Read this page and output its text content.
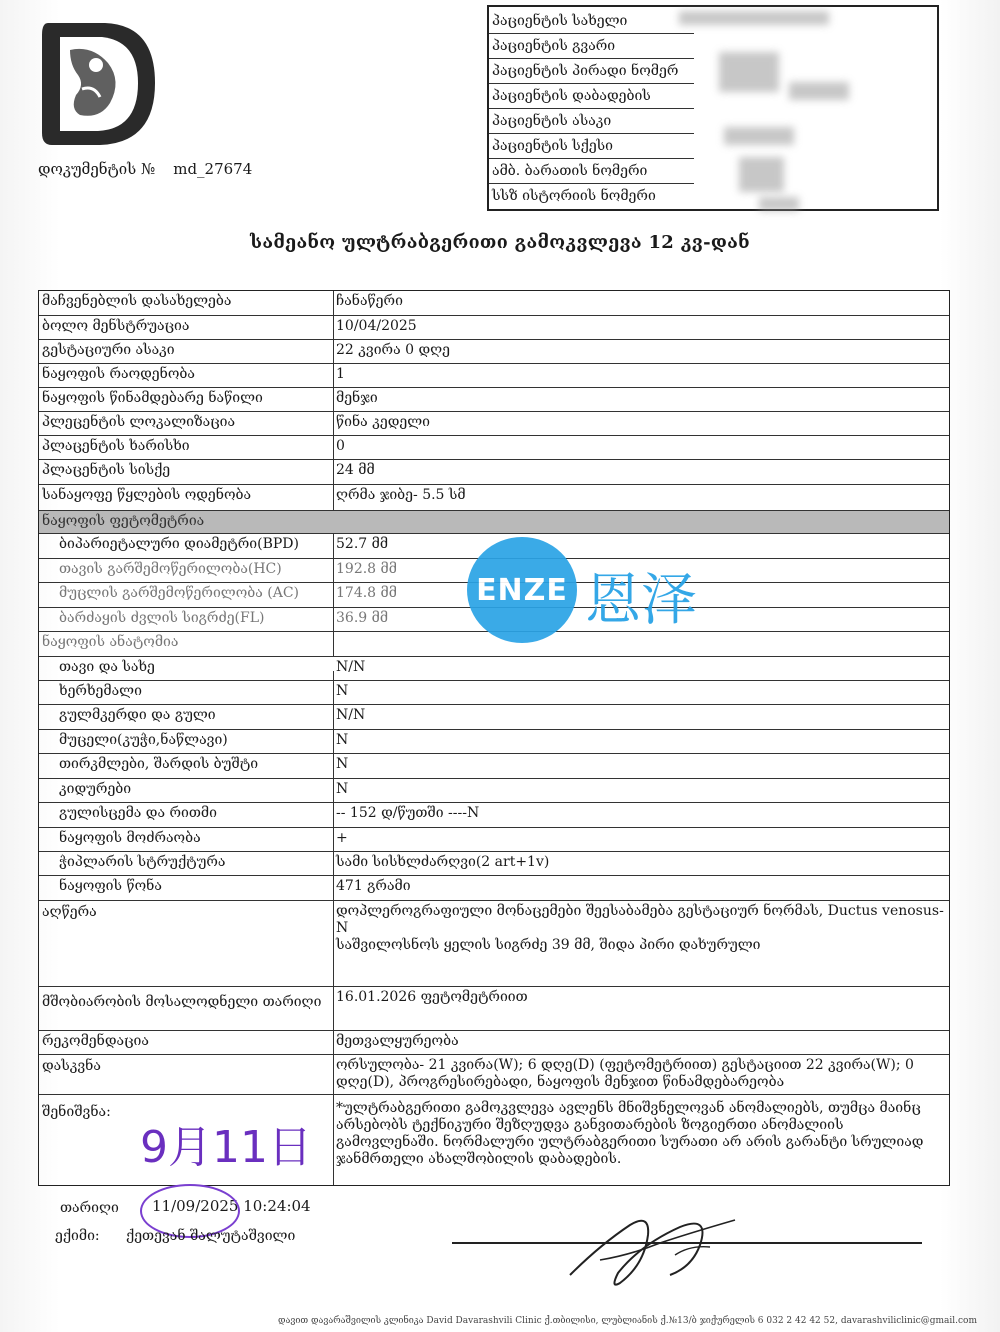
დოკუმენტის № md_27674
პაციენტის სახელი
პაციენტის გვარი
პაციენტის პირადი ნომერ
პაციენტის დაბადების
პაციენტის ასაკი
პაციენტის სქესი
ამბ. ბარათის ნომერი
სსზ ისტორიის ნომერი
სამეანო ულტრაბგერითი გამოკვლევა 12 კვ-დან
მაჩვენებლის დასახელება	ჩანაწერი
ბოლო მენსტრუაცია	10/04/2025
გესტაციური ასაკი	22 კვირა 0 დღე
ნაყოფის რაოდენობა	1
ნაყოფის წინამდებარე ნაწილი	მენჯი
პლეცენტის ლოკალიზაცია	წინა კედელი
პლაცენტის ხარისხი	0
პლაცენტის სისქე	24 მმ
სანაყოფე წყლების ოდენობა	ღრმა ჯიბე- 5.5 სმ
ნაყოფის ფეტომეტრია
ბიპარიეტალური დიამეტრი(BPD)	52.7 მმ
თავის გარშემოწერილობა(HC)	192.8 მმ
მუცლის გარშემოწერილობა (AC)	174.8 მმ
ბარძაყის ძვლის სიგრძე(FL)	36.9 მმ
ნაყოფის ანატომია
თავი და სახე	N/N
ხერხემალი	N
გულმკერდი და გული	N/N
მუცელი(კუჭი,ნაწლავი)	N
თირკმლები, შარდის ბუშტი	N
კიდურები	N
გულისცემა და რითმი	-- 152 დ/წუთში ----N
ნაყოფის მოძრაობა	+
ჭიპლარის სტრუქტურა	სამი სისხლძარღვი(2 art+1v)
ნაყოფის წონა	471 გრამი
აღწერა	დოპლეროგრაფიული მონაცემები შეესაბამება გესტაციურ ნორმას, Ductus venosus-N
საშვილოსნოს ყელის სიგრძე 39 მმ, შიდა პირი დახურული
მშობიარობის მოსალოდნელი თარიღი	16.01.2026 ფეტომეტრიით
რეკომენდაცია	მეთვალყურეობა
დასკვნა	ორსულობა- 21 კვირა(W); 6 დღე(D) (ფეტომეტრიით) გესტაციით 22 კვირა(W); 0 დღე(D), პროგრესირებადი, ნაყოფის მენჯით წინამდებარეობა
შენიშვნა:	*ულტრაბგერითი გამოკვლევა ავლენს მნიშვნელოვან ანომალიებს, თუმცა მაინც არსებობს ტექნიკური შეზღუდვა განვითარების ზოგიერთი ანომალიის გამოვლენაში. ნორმალური ულტრაბგერითი სურათი არ არის გარანტი სრულიად ჯანმრთელი ახალშობილის დაბადების.
ENZE 恩泽
9月11日
თარიღი 11/09/2025 10:24:04
ექიმი: ქეთევან შალუტაშვილი
დავით დავარაშვილის კლინიკა David Davarashvili Clinic ქ.თბილისი, ლუბლიანის ქ.№13/ბ ჯიქურელის 6 032 2 42 42 52, davarashviliclinic@gmail.com
